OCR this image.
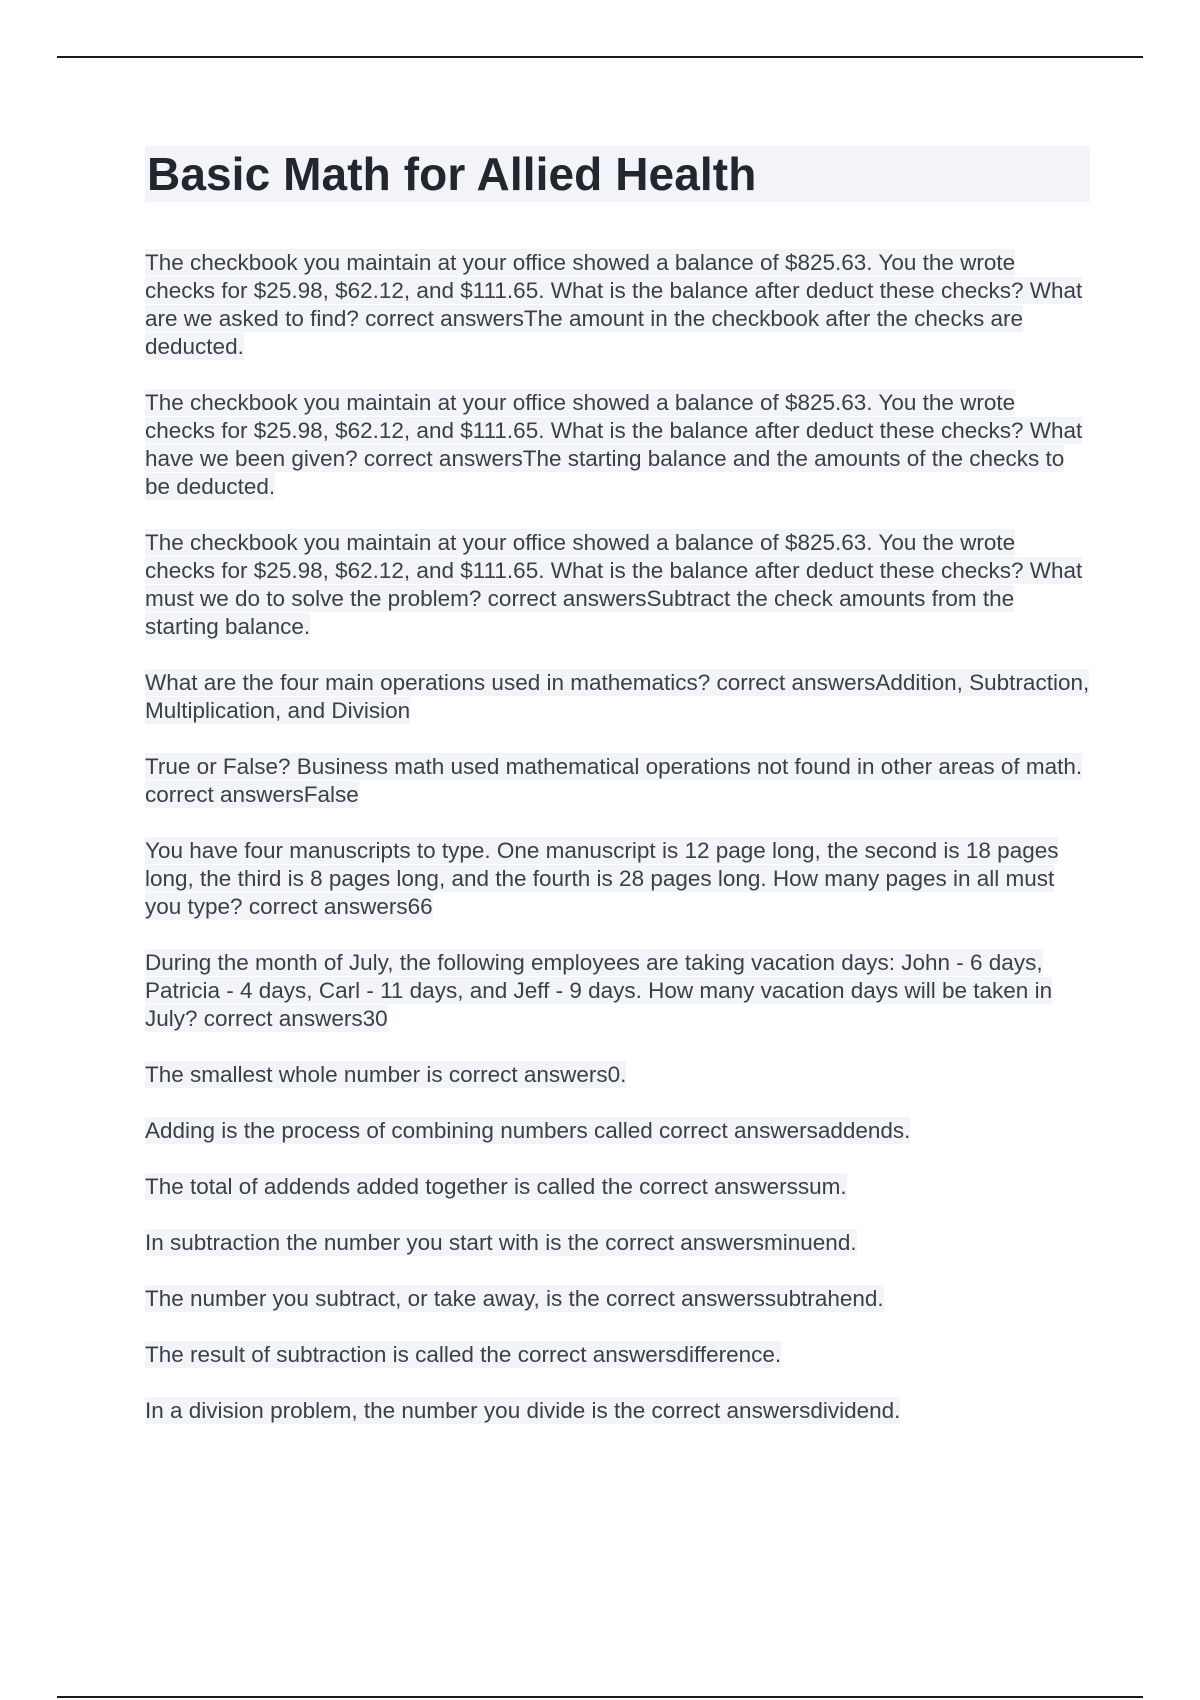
Basic Math for Allied Health
The checkbook you maintain at your office showed a balance of $825.63. You the wrote checks for $25.98, $62.12, and $111.65. What is the balance after deduct these checks? What are we asked to find? correct answersThe amount in the checkbook after the checks are deducted.
The checkbook you maintain at your office showed a balance of $825.63. You the wrote checks for $25.98, $62.12, and $111.65. What is the balance after deduct these checks? What have we been given? correct answersThe starting balance and the amounts of the checks to be deducted.
The checkbook you maintain at your office showed a balance of $825.63. You the wrote checks for $25.98, $62.12, and $111.65. What is the balance after deduct these checks? What must we do to solve the problem? correct answersSubtract the check amounts from the starting balance.
What are the four main operations used in mathematics? correct answersAddition, Subtraction, Multiplication, and Division
True or False? Business math used mathematical operations not found in other areas of math. correct answersFalse
You have four manuscripts to type. One manuscript is 12 page long, the second is 18 pages long, the third is 8 pages long, and the fourth is 28 pages long. How many pages in all must you type? correct answers66
During the month of July, the following employees are taking vacation days: John - 6 days, Patricia - 4 days, Carl - 11 days, and Jeff - 9 days. How many vacation days will be taken in July? correct answers30
The smallest whole number is correct answers0.
Adding is the process of combining numbers called correct answersaddends.
The total of addends added together is called the correct answerssum.
In subtraction the number you start with is the correct answersminuend.
The number you subtract, or take away, is the correct answerssubtrahend.
The result of subtraction is called the correct answersdifference.
In a division problem, the number you divide is the correct answersdividend.
